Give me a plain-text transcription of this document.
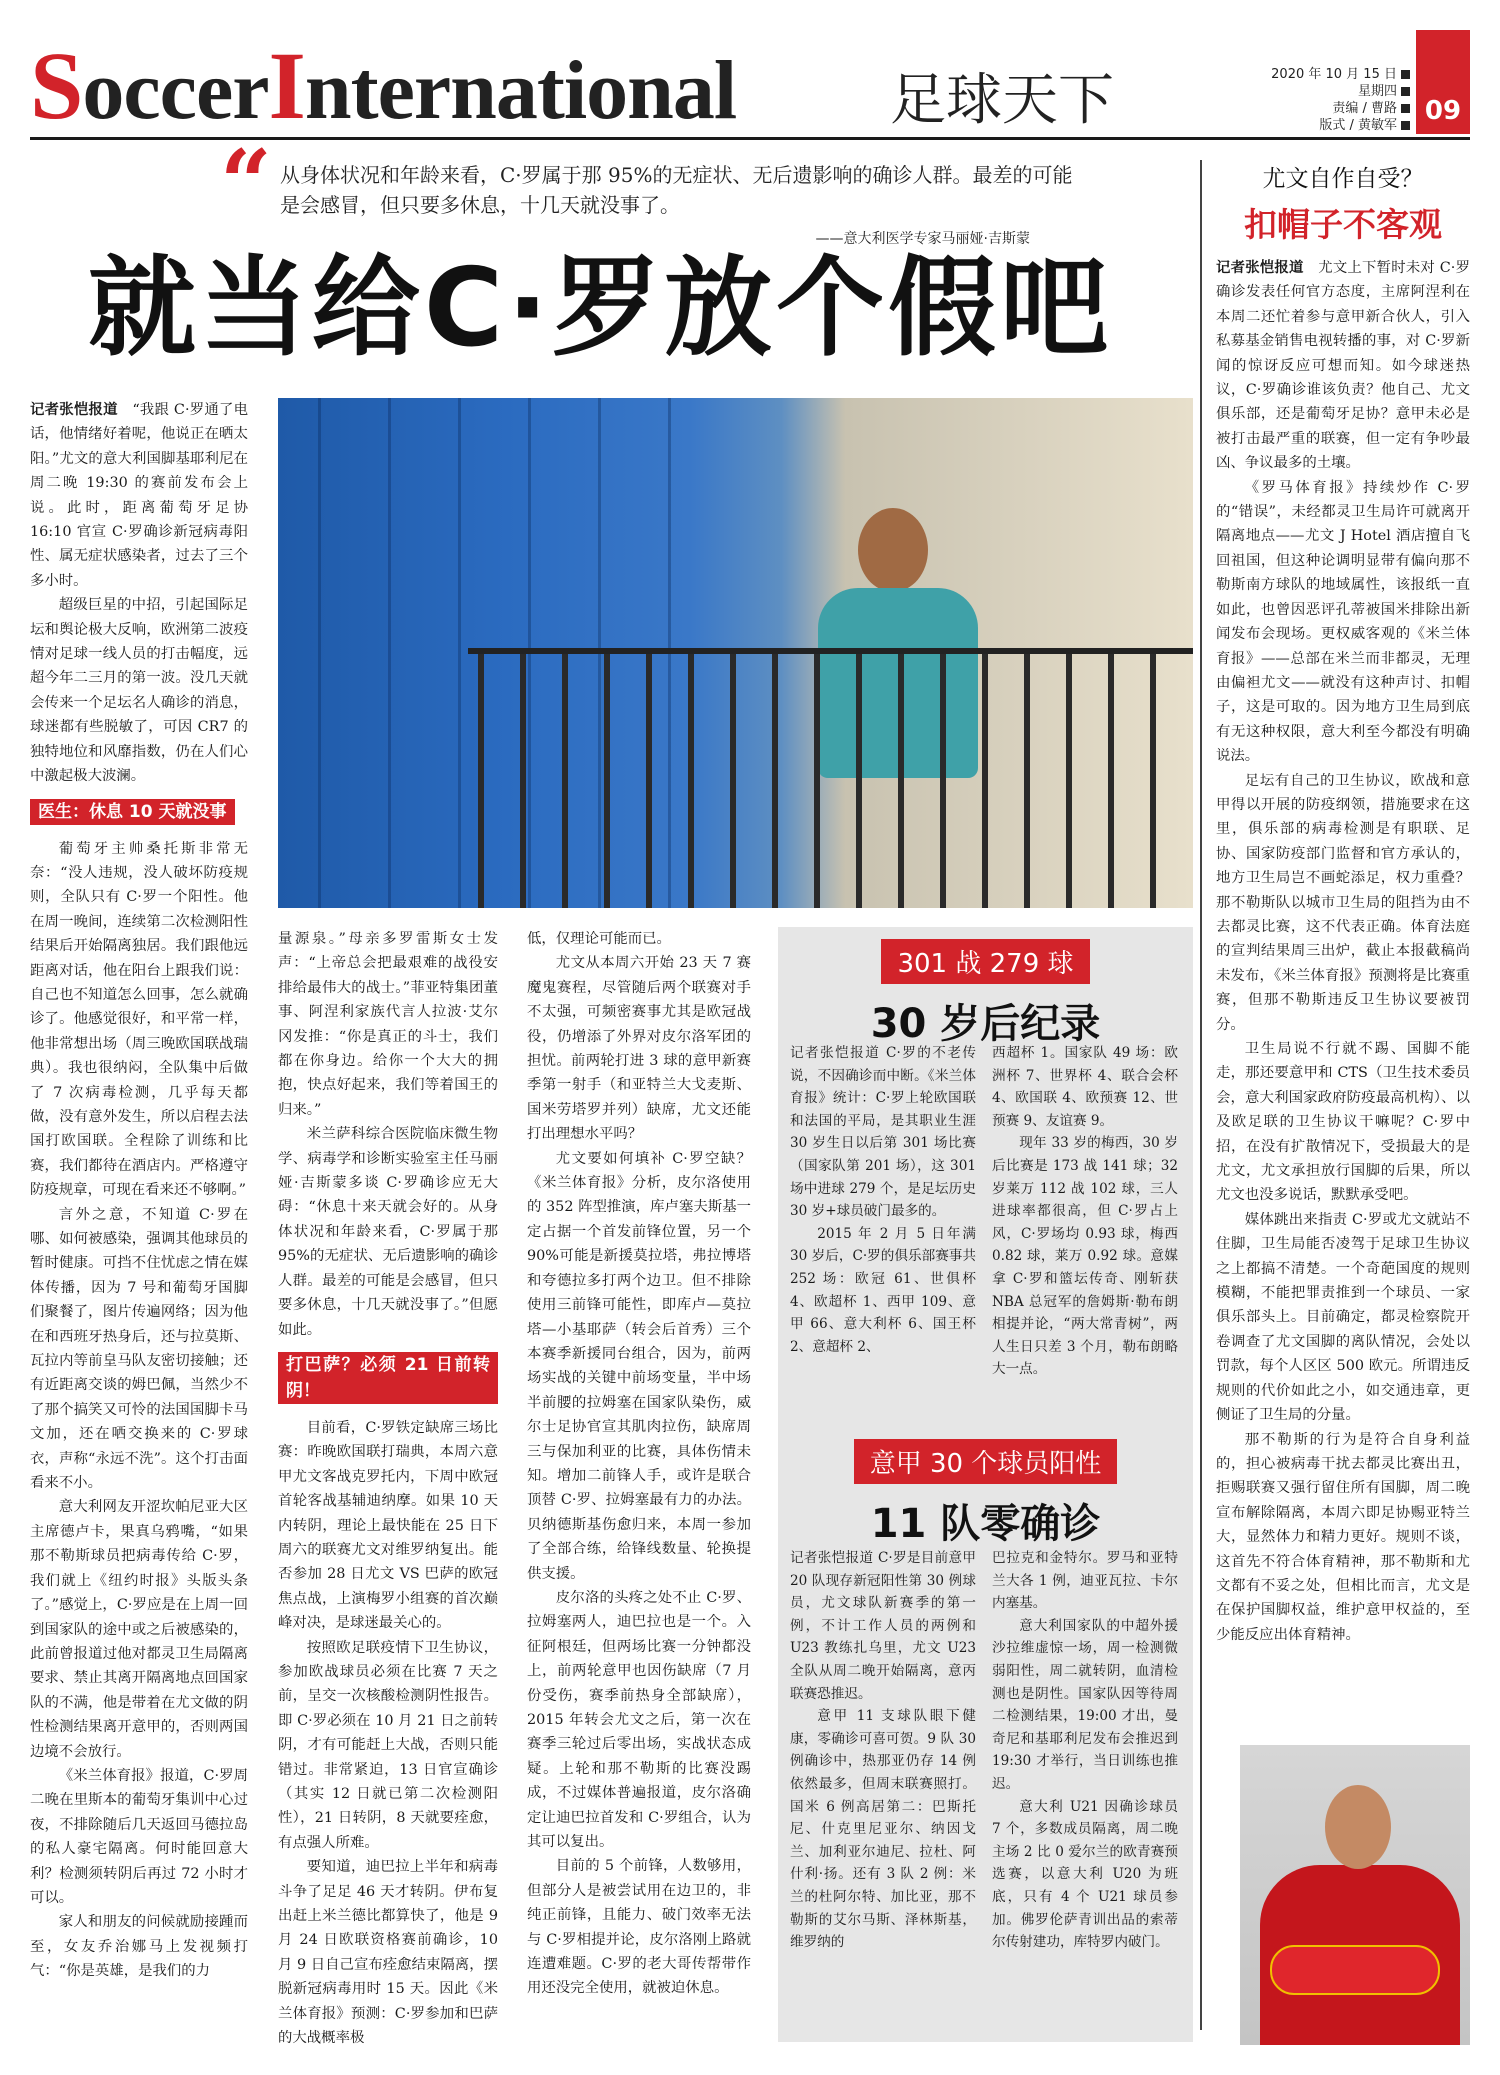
SoccerInternational	足球天下	2020 年 10 月 15 日
星期四
责编 / 曹路
版式 / 黄敏军	09
“ 从身体状况和年龄来看，C·罗属于那 95%的无症状、无后遗影响的确诊人群。最差的可能是会感冒，但只要多休息，十几天就没事了。
——意大利医学专家马丽娅·吉斯蒙
就当给C·罗放个假吧

记者张恺报道　 “我跟 C·罗通了电话，他情绪好着呢，他说正在晒太阳。”尤文的意大利国脚基耶利尼在周二晚 19:30 的赛前发布会上说。此时，距离葡萄牙足协 16:10 官宣 C·罗确诊新冠病毒阳性、属无症状感染者，过去了三个多小时。

超级巨星的中招，引起国际足坛和舆论极大反响，欧洲第二波疫情对足球一线人员的打击幅度，远超今年二三月的第一波。没几天就会传来一个足坛名人确诊的消息，球迷都有些脱敏了，可因 CR7 的独特地位和风靡指数，仍在人们心中激起极大波澜。

医生：休息 10 天就没事

葡萄牙主帅桑托斯非常无奈：“没人违规，没人破坏防疫规则，全队只有 C·罗一个阳性。他在周一晚间，连续第二次检测阳性结果后开始隔离独居。我们跟他远距离对话，他在阳台上跟我们说：自己也不知道怎么回事，怎么就确诊了。他感觉很好，和平常一样，他非常想出场（周三晚欧国联战瑞典）。我也很纳闷，全队集中后做了 7 次病毒检测，几乎每天都做，没有意外发生，所以启程去法国打欧国联。全程除了训练和比赛，我们都待在酒店内。严格遵守防疫规章，可现在看来还不够啊。”

言外之意，不知道 C·罗在哪、如何被感染，强调其他球员的暂时健康。可挡不住忧虑之情在媒体传播，因为 7 号和葡萄牙国脚们聚餐了，图片传遍网络；因为他在和西班牙热身后，还与拉莫斯、瓦拉内等前皇马队友密切接触；还有近距离交谈的姆巴佩，当然少不了那个搞笑又可怜的法国国脚卡马文加，还在哂交换来的 C·罗球衣，声称“永远不洗”。这个打击面看来不小。

意大利网友开涩坎帕尼亚大区主席德卢卡，果真乌鸦嘴，“如果那不勒斯球员把病毒传给 C·罗，我们就上《纽约时报》头版头条了。”感觉上，C·罗应是在上周一回到国家队的途中或之后被感染的，此前曾报道过他对都灵卫生局隔离要求、禁止其离开隔离地点回国家队的不满，他是带着在尤文做的阴性检测结果离开意甲的，否则两国边境不会放行。

《米兰体育报》报道，C·罗周二晚在里斯本的葡萄牙集训中心过夜，不排除随后几天返回马德拉岛的私人豪宅隔离。何时能回意大利？检测须转阴后再过 72 小时才可以。

家人和朋友的问候就励接踵而至，女友乔治娜马上发视频打气：“你是英雄，是我们的力

量源泉。”母亲多罗雷斯女士发声：“上帝总会把最艰难的战役安排给最伟大的战士。”菲亚特集团董事、阿涅利家族代言人拉波·艾尔冈发推：“你是真正的斗士，我们都在你身边。给你一个大大的拥抱，快点好起来，我们等着国王的归来。”

米兰萨科综合医院临床微生物学、病毒学和诊断实验室主任马丽娅·吉斯蒙多谈 C·罗确诊应无大碍：“休息十来天就会好的。从身体状况和年龄来看，C·罗属于那 95%的无症状、无后遗影响的确诊人群。最差的可能是会感冒，但只要多休息，十几天就没事了。”但愿如此。

打巴萨？必须 21 日前转阴！

目前看，C·罗铁定缺席三场比赛：昨晚欧国联打瑞典，本周六意甲尤文客战克罗托内，下周中欧冠首轮客战基辅迪纳摩。如果 10 天内转阴，理论上最快能在 25 日下周六的联赛尤文对维罗纳复出。能否参加 28 日尤文 VS 巴萨的欧冠焦点战，上演梅罗小组赛的首次巅峰对决，是球迷最关心的。

按照欧足联疫情下卫生协议，参加欧战球员必须在比赛 7 天之前，呈交一次核酸检测阴性报告。即 C·罗必须在 10 月 21 日之前转阴，才有可能赶上大战，否则只能错过。非常紧迫，13 日官宣确诊（其实 12 日就已第二次检测阳性），21 日转阴，8 天就要痊愈，有点强人所难。

要知道，迪巴拉上半年和病毒斗争了足足 46 天才转阴。伊布复出赶上米兰德比都算快了，他是 9 月 24 日欧联资格赛前确诊，10 月 9 日自己宣布痊愈结束隔离，摆脱新冠病毒用时 15 天。因此《米兰体育报》预测：C·罗参加和巴萨的大战概率极

低，仅理论可能而已。

尤文从本周六开始 23 天 7 赛魔鬼赛程，尽管随后两个联赛对手不太强，可频密赛事尤其是欧冠战役，仍增添了外界对皮尔洛军团的担忧。前两轮打进 3 球的意甲新赛季第一射手（和亚特兰大戈麦斯、国米劳塔罗并列）缺席，尤文还能打出理想水平吗？

尤文要如何填补 C·罗空缺？《米兰体育报》分析，皮尔洛使用的 352 阵型推演，库卢塞夫斯基一定占据一个首发前锋位置，另一个 90%可能是新援莫拉塔，弗拉博塔和夸德拉多打两个边卫。但不排除使用三前锋可能性，即库卢—莫拉塔—小基耶萨（转会后首秀）三个本赛季新援同台组合，因为，前两场实战的关键中前场变量，半中场半前腰的拉姆塞在国家队染伤，威尔士足协官宣其肌肉拉伤，缺席周三与保加利亚的比赛，具体伤情未知。增加二前锋人手，或许是联合顶替 C·罗、拉姆塞最有力的办法。贝纳德斯基伤愈归来，本周一参加了全部合练，给锋线数量、轮换提供支援。

皮尔洛的头疼之处不止 C·罗、拉姆塞两人，迪巴拉也是一个。入征阿根廷，但两场比赛一分钟都没上，前两轮意甲也因伤缺席（7 月份受伤，赛季前热身全部缺席），2015 年转会尤文之后，第一次在赛季三轮过后零出场，实战状态成疑。上轮和那不勒斯的比赛没踢成，不过媒体普遍报道，皮尔洛确定让迪巴拉首发和 C·罗组合，认为其可以复出。

目前的 5 个前锋，人数够用，但部分人是被尝试用在边卫的，非纯正前锋，且能力、破门效率无法与 C·罗相提并论，皮尔洛刚上路就连遭难题。C·罗的老大哥传帮带作用还没完全使用，就被迫休息。

301 战 279 球
30 岁后纪录

记者张恺报道 C·罗的不老传说，不因确诊而中断。《米兰体育报》统计：C·罗上轮欧国联和法国的平局，是其职业生涯 30 岁生日以后第 301 场比赛（国家队第 201 场），这 301 场中进球 279 个，是足坛历史 30 岁+球员破门最多的。

2015 年 2 月 5 日年满 30 岁后，C·罗的俱乐部赛事共 252 场：欧冠 61、世俱杯 4、欧超杯 1、西甲 109、意甲 66、意大利杯 6、国王杯 2、意超杯 2、

西超杯 1。国家队 49 场：欧洲杯 7、世界杯 4、联合会杯 4、欧国联 4、欧预赛 12、世预赛 9、友谊赛 9。

现年 33 岁的梅西，30 岁后比赛是 173 战 141 球；32 岁莱万 112 战 102 球，三人进球率都很高，但 C·罗占上风，C·罗场均 0.93 球，梅西 0.82 球，莱万 0.92 球。意媒拿 C·罗和篮坛传奇、刚斩获 NBA 总冠军的詹姆斯·勒布朗相提并论，“两大常青树”，两人生日只差 3 个月，勒布朗略大一点。

意甲 30 个球员阳性
11 队零确诊

记者张恺报道 C·罗是目前意甲 20 队现存新冠阳性第 30 例球员，尤文球队新赛季的第一例，不计工作人员的两例和 U23 教练扎乌里，尤文 U23 全队从周二晚开始隔离，意丙联赛恐推迟。

意甲 11 支球队眼下健康，零确诊可喜可贺。9 队 30 例确诊中，热那亚仍存 14 例依然最多，但周末联赛照打。国米 6 例高居第二：巴斯托尼、什克里尼亚尔、纳因戈兰、加利亚尔迪尼、拉杜、阿什利·扬。还有 3 队 2 例：米兰的杜阿尔特、加比亚，那不勒斯的艾尔马斯、泽林斯基，维罗纳的

巴拉克和金特尔。罗马和亚特兰大各 1 例，迪亚瓦拉、卡尔内塞基。

意大利国家队的中超外援沙拉维虚惊一场，周一检测微弱阳性，周二就转阴，血清检测也是阴性。国家队因等待周二检测结果，19:00 才出，曼奇尼和基耶利尼发布会推迟到 19:30 才举行，当日训练也推迟。

意大利 U21 因确诊球员 7 个，多数成员隔离，周二晚主场 2 比 0 爱尔兰的欧青赛预选赛，以意大利 U20 为班底，只有 4 个 U21 球员参加。佛罗伦萨青训出品的索蒂尔传射建功，库特罗内破门。

尤文自作自受？
扣帽子不客观

记者张恺报道　 尤文上下暂时未对 C·罗确诊发表任何官方态度，主席阿涅利在本周二还忙着参与意甲新合伙人，引入私募基金销售电视转播的事，对 C·罗新闻的惊讶反应可想而知。如今球迷热议，C·罗确诊谁该负责？他自己、尤文俱乐部，还是葡萄牙足协？意甲未必是被打击最严重的联赛，但一定有争吵最凶、争议最多的土壤。

《罗马体育报》持续炒作 C·罗的“错误”，未经都灵卫生局许可就离开隔离地点——尤文 J Hotel 酒店擅自飞回祖国，但这种论调明显带有偏向那不勒斯南方球队的地域属性，该报纸一直如此，也曾因恶评孔蒂被国米排除出新闻发布会现场。更权威客观的《米兰体育报》——总部在米兰而非都灵，无理由偏袒尤文——就没有这种声讨、扣帽子，这是可取的。因为地方卫生局到底有无这种权限，意大利至今都没有明确说法。

足坛有自己的卫生协议，欧战和意甲得以开展的防疫纲领，措施要求在这里，俱乐部的病毒检测是有职联、足协、国家防疫部门监督和官方承认的，地方卫生局岂不画蛇添足，权力重叠？那不勒斯队以城市卫生局的阻挡为由不去都灵比赛，这不代表正确。体育法庭的宣判结果周三出炉，截止本报截稿尚未发布，《米兰体育报》预测将是比赛重赛，但那不勒斯违反卫生协议要被罚分。

卫生局说不行就不踢、国脚不能走，那还要意甲和 CTS（卫生技术委员会，意大利国家政府防疫最高机构）、以及欧足联的卫生协议干嘛呢？C·罗中招，在没有扩散情况下，受损最大的是尤文，尤文承担放行国脚的后果，所以尤文也没多说话，默默承受吧。

媒体跳出来指责 C·罗或尤文就站不住脚，卫生局能否凌驾于足球卫生协议之上都搞不清楚。一个奇葩国度的规则模糊，不能把罪责推到一个球员、一家俱乐部头上。目前确定，都灵检察院开卷调查了尤文国脚的离队情况，会处以罚款，每个人区区 500 欧元。所谓违反规则的代价如此之小，如交通违章，更侧证了卫生局的分量。

那不勒斯的行为是符合自身利益的，担心被病毒干扰去都灵比赛出丑，拒赐联赛又强行留住所有国脚，周二晚宣布解除隔离，本周六即足协赐亚特兰大，显然体力和精力更好。规则不谈，这首先不符合体育精神，那不勒斯和尤文都有不妥之处，但相比而言，尤文是在保护国脚权益，维护意甲权益的，至少能反应出体育精神。
